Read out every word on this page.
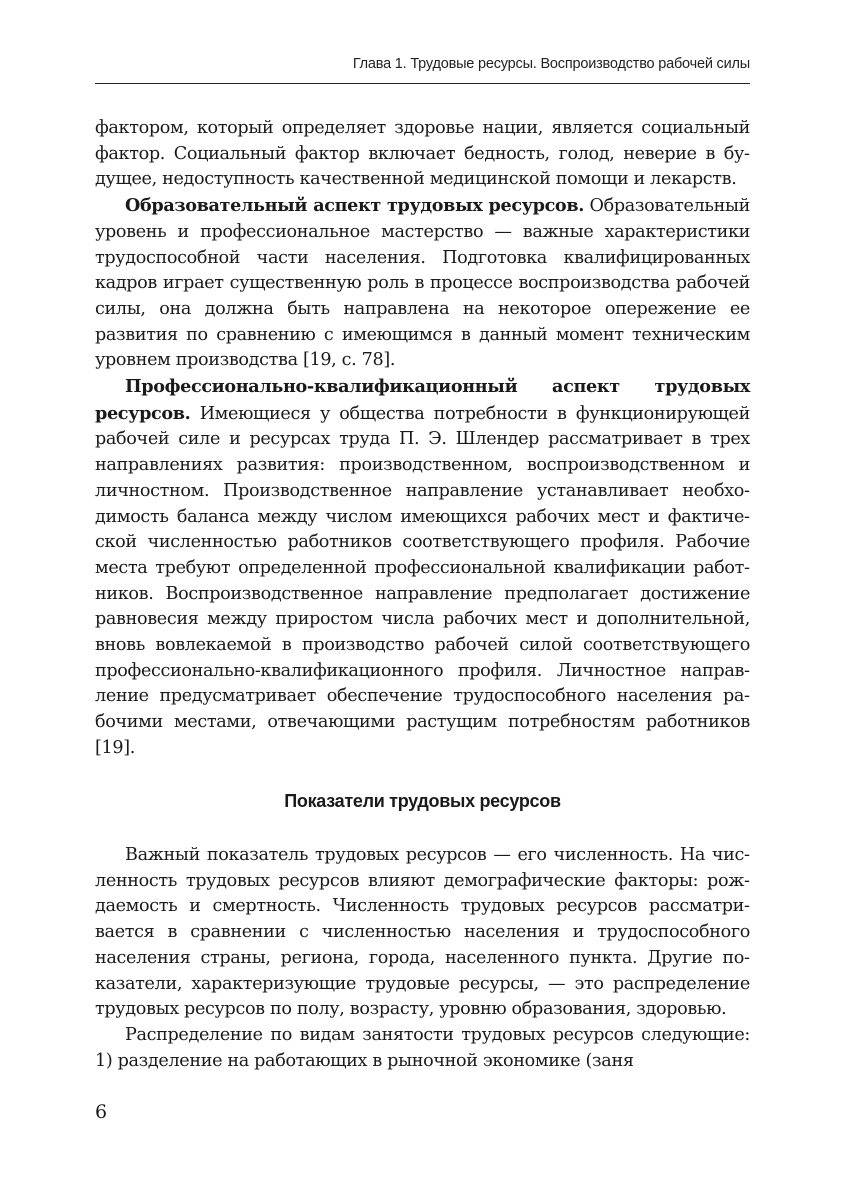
Глава 1. Трудовые ресурсы. Воспроизводство рабочей силы

фактором, который определяет здоровье нации, является социальный фактор. Социальный фактор включает бедность, голод, неверие в будущее, недоступность качественной медицинской помощи и лекарств.

Образовательный аспект трудовых ресурсов. Образовательный уровень и профессиональное мастерство — важные характеристики трудоспособной части населения. Подготовка квалифицированных кадров играет существенную роль в процессе воспроизводства рабочей силы, она должна быть направлена на некоторое опережение ее развития по сравнению с имеющимся в данный момент техническим уровнем производства [19, с. 78].

Профессионально-квалификационный аспект трудовых ресурсов. Имеющиеся у общества потребности в функционирующей рабочей силе и ресурсах труда П. Э. Шлендер рассматривает в трех направлениях развития: производственном, воспроизводственном и личностном. Производственное направление устанавливает необходимость баланса между числом имеющихся рабочих мест и фактической численностью работников соответствующего профиля. Рабочие места требуют определенной профессиональной квалификации работников. Воспроизводственное направление предполагает достижение равновесия между приростом числа рабочих мест и дополнительной, вновь вовлекаемой в производство рабочей силой соответствующего профессионально-квалификационного профиля. Личностное направление предусматривает обеспечение трудоспособного населения рабочими местами, отвечающими растущим потребностям работников [19].

Показатели трудовых ресурсов

Важный показатель трудовых ресурсов — его численность. На численность трудовых ресурсов влияют демографические факторы: рождаемость и смертность. Численность трудовых ресурсов рассматривается в сравнении с численностью населения и трудоспособного населения страны, региона, города, населенного пункта. Другие показатели, характеризующие трудовые ресурсы, — это распределение трудовых ресурсов по полу, возрасту, уровню образования, здоровью.

Распределение по видам занятости трудовых ресурсов следующие: 1) разделение на работающих в рыночной экономике (заня

6
